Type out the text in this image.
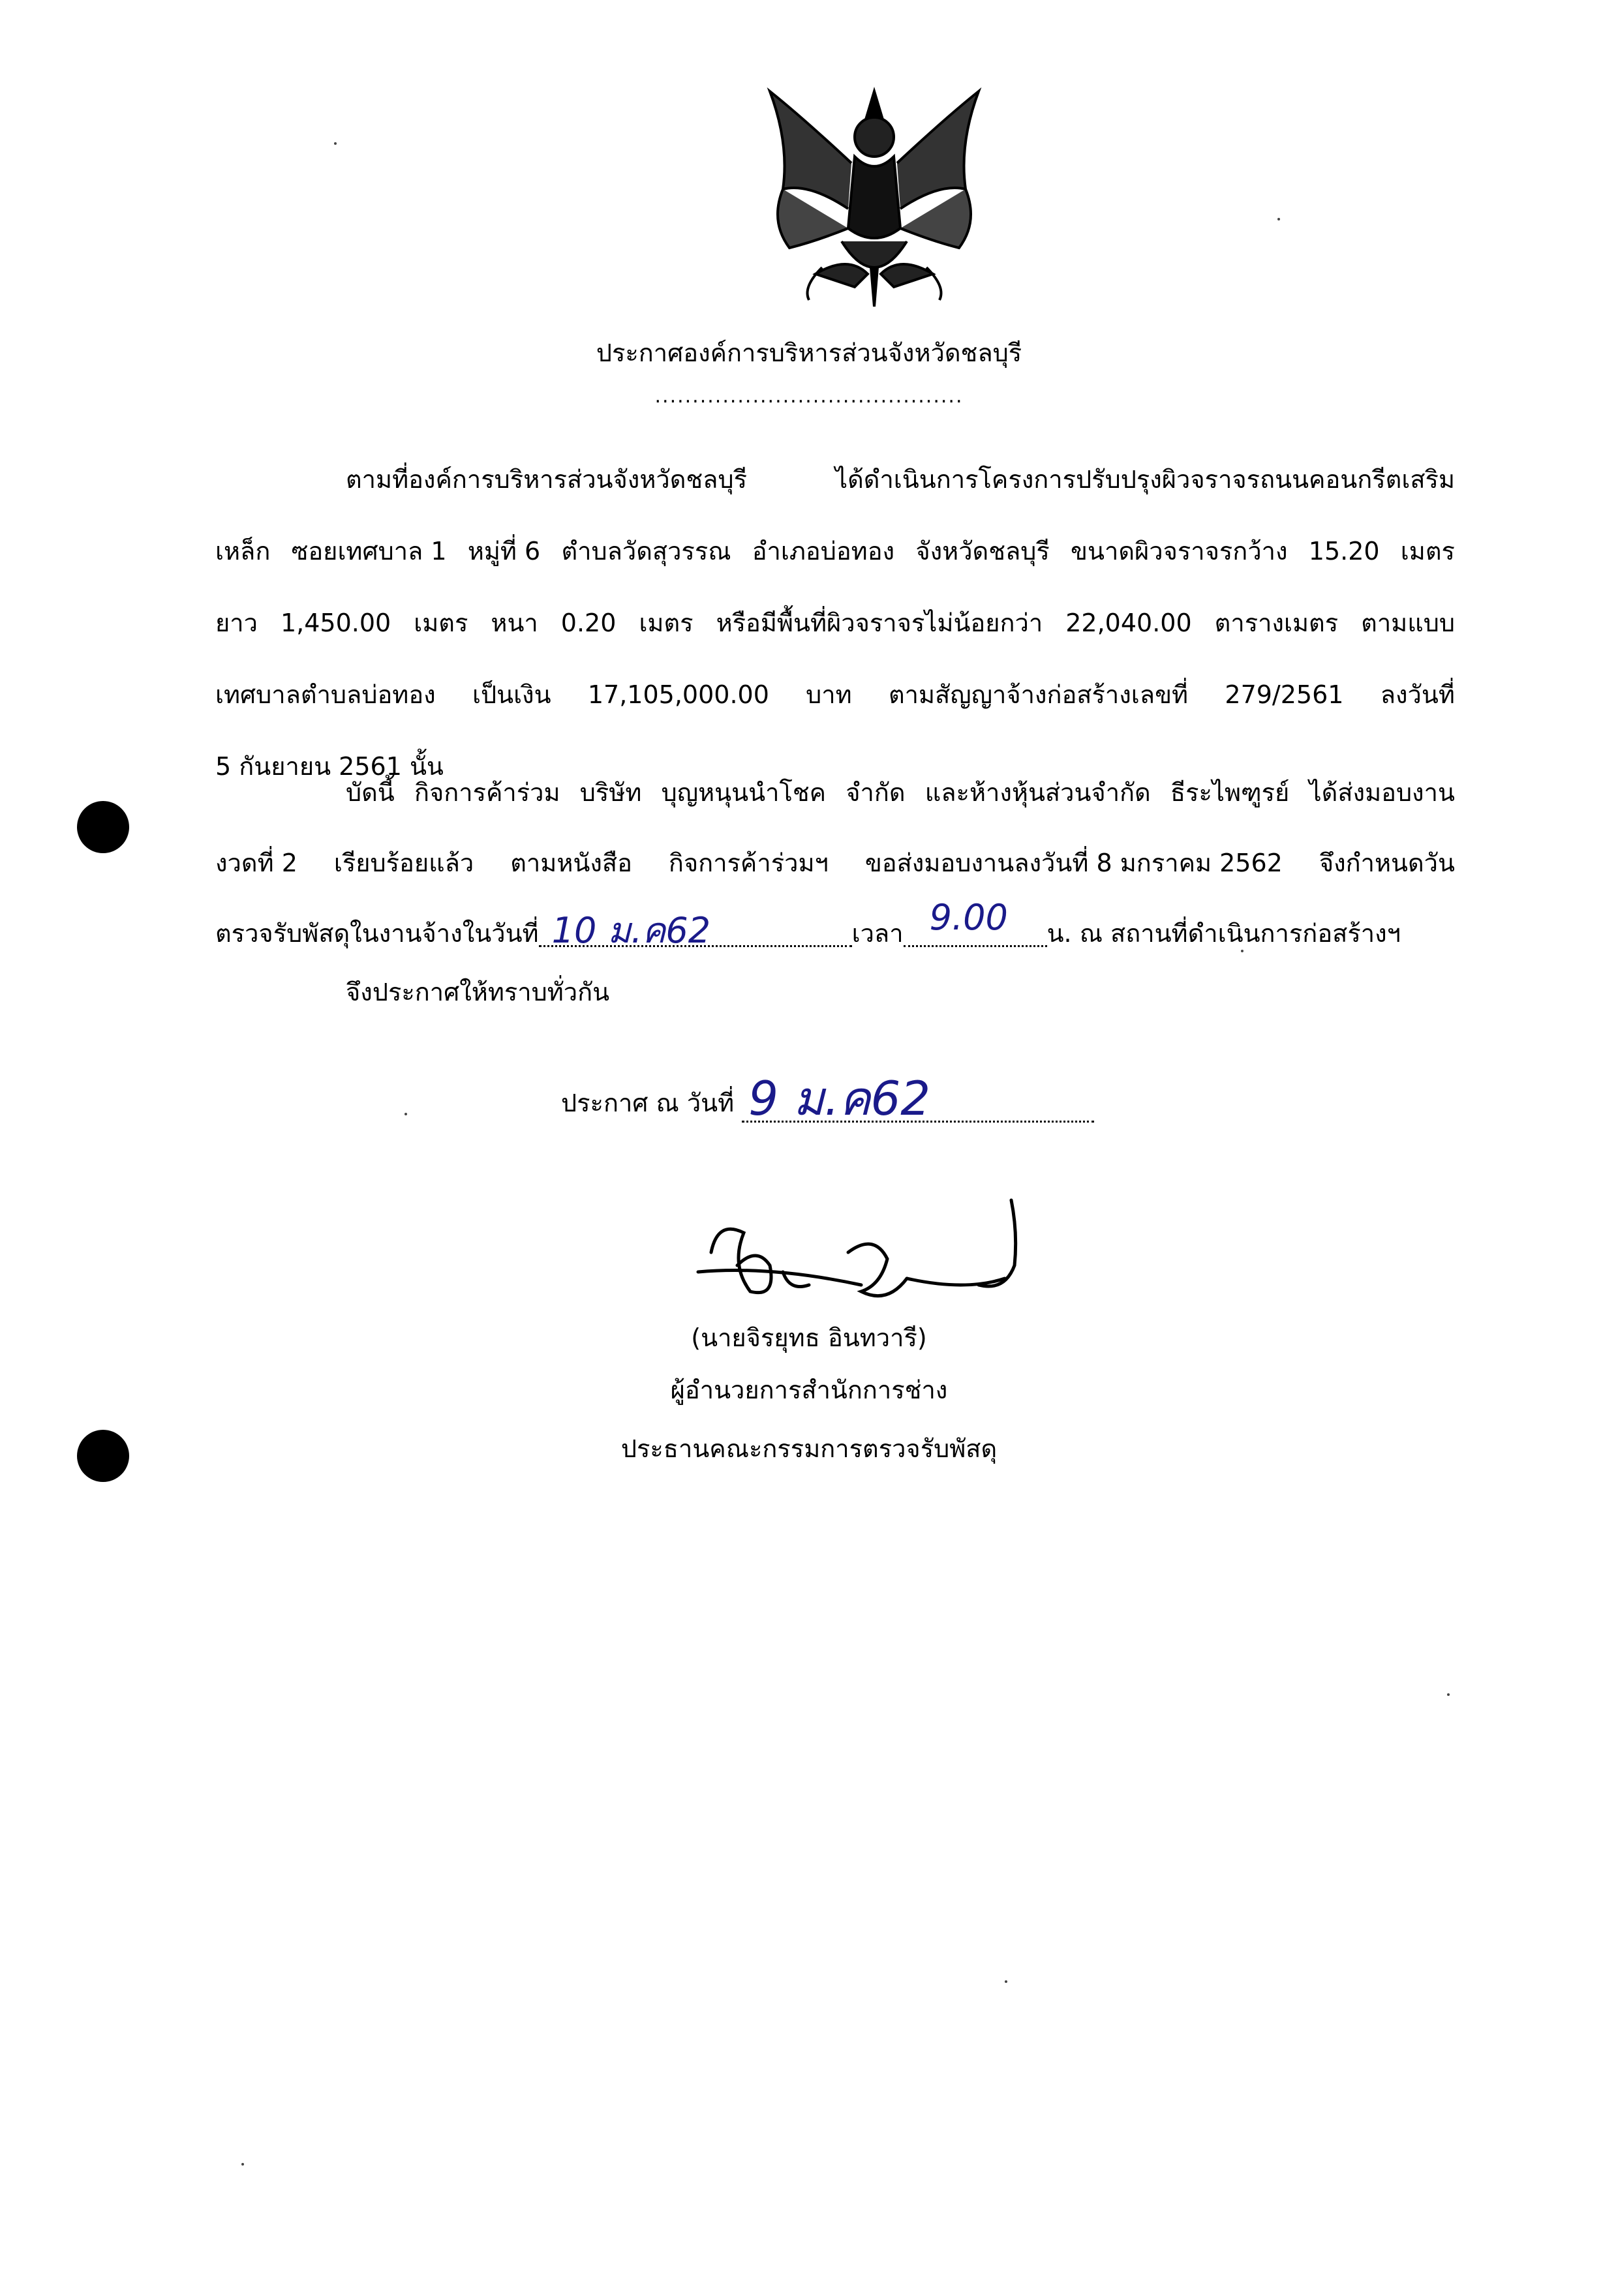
ประกาศองค์การบริหารส่วนจังหวัดชลบุรี
.........................................
ตามที่องค์การบริหารส่วนจังหวัดชลบุรี	ได้ดำเนินการโครงการปรับปรุงผิวจราจรถนนคอนกรีตเสริม
เหล็ก ซอยเทศบาล 1 หมู่ที่ 6 ตำบลวัดสุวรรณ อำเภอบ่อทอง จังหวัดชลบุรี ขนาดผิวจราจรกว้าง 15.20 เมตร
ยาว 1,450.00 เมตร หนา 0.20 เมตร หรือมีพื้นที่ผิวจราจรไม่น้อยกว่า 22,040.00 ตารางเมตร ตามแบบ
เทศบาลตำบลบ่อทอง เป็นเงิน 17,105,000.00 บาท ตามสัญญาจ้างก่อสร้างเลขที่ 279/2561 ลงวันที่
5 กันยายน 2561 นั้น
บัดนี้ กิจการค้าร่วม บริษัท บุญหนุนนำโชค จำกัด และห้างหุ้นส่วนจำกัด ธีระไพฑูรย์ ได้ส่งมอบงาน
งวดที่ 2 เรียบร้อยแล้ว ตามหนังสือ กิจการค้าร่วมฯ ขอส่งมอบงานลงวันที่ 8 มกราคม 2562 จึงกำหนดวัน
ตรวจรับพัสดุในงานจ้างในวันที่ 10 ม.ค62	เวลา 9.00 น. ณ สถานที่ดำเนินการก่อสร้างฯ
จึงประกาศให้ทราบทั่วกัน
ประกาศ ณ วันที่ 9 ม.ค62
(นายจิรยุทธ อินทวารี)
ผู้อำนวยการสำนักการช่าง
ประธานคณะกรรมการตรวจรับพัสดุ
